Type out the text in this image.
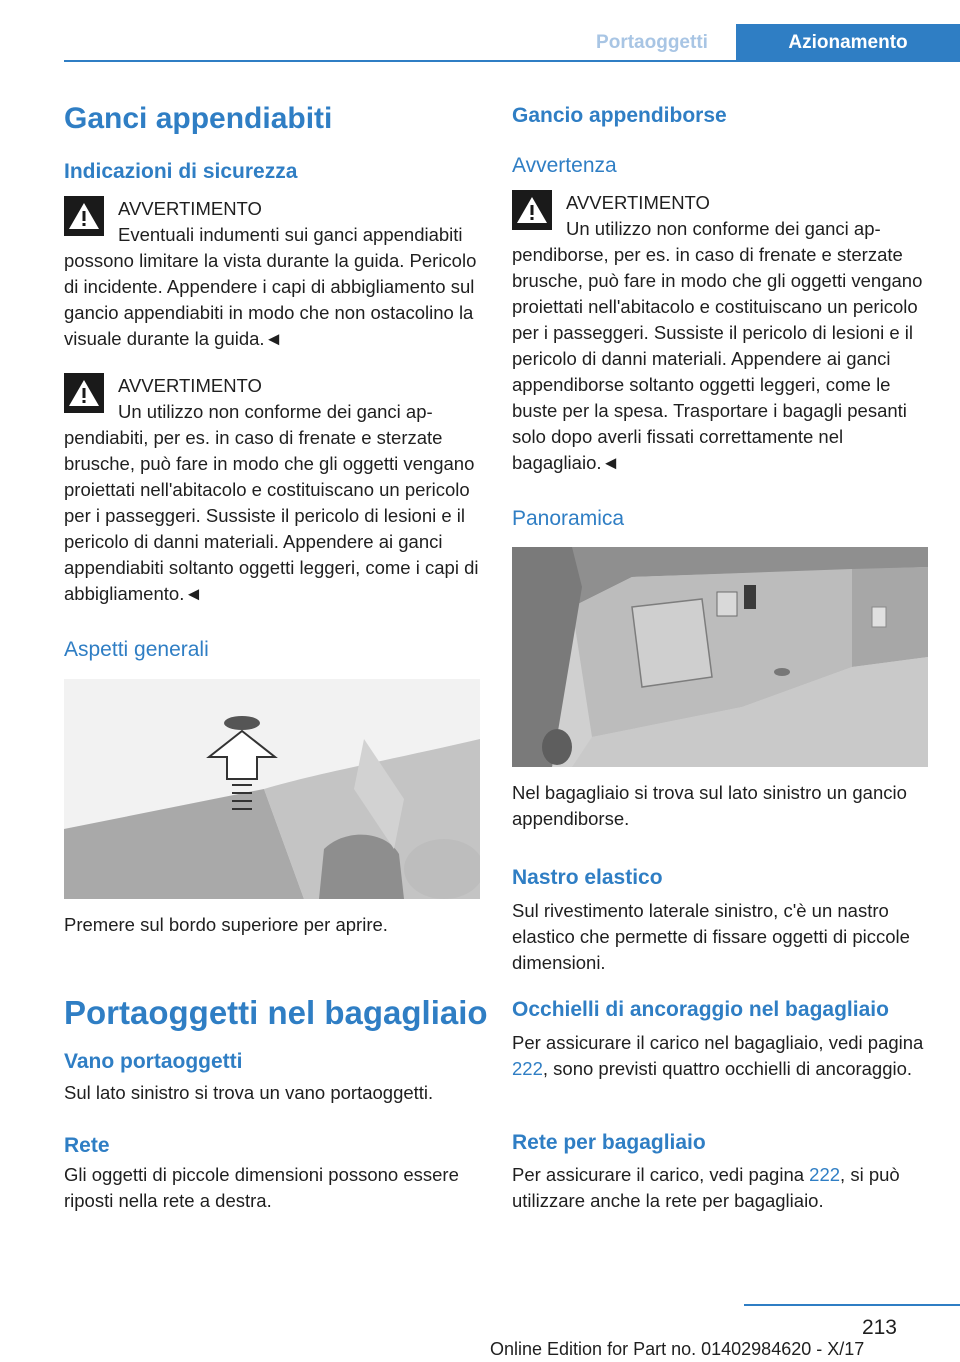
Portaoggetti	Azionamento
Ganci appendiabiti
Indicazioni di sicurezza
AVVERTIMENTO

Eventuali indumenti sui ganci appendiabiti possono limitare la vista durante la guida. Pericolo di incidente. Appendere i capi di abbigliamento sul gancio appendiabiti in modo che non ostacolino la visuale durante la guida.◄

AVVERTIMENTO

Un utilizzo non conforme dei ganci appendiabiti, per es. in caso di frenate e sterzate brusche, può fare in modo che gli oggetti vengano proiettati nell'abitacolo e costituiscano un pericolo per i passeggeri. Sussiste il pericolo di lesioni e il pericolo di danni materiali. Appendere ai ganci appendiabiti soltanto oggetti leggeri, come i capi di abbigliamento.◄

Aspetti generali

Premere sul bordo superiore per aprire.

Portaoggetti nel bagagliaio
Vano portaoggetti

Sul lato sinistro si trova un vano portaoggetti.

Rete

Gli oggetti di piccole dimensioni possono essere riposti nella rete a destra.

Gancio appendiborse
Avvertenza
AVVERTIMENTO

Un utilizzo non conforme dei ganci appendiborse, per es. in caso di frenate e sterzate brusche, può fare in modo che gli oggetti vengano proiettati nell'abitacolo e costituiscano un pericolo per i passeggeri. Sussiste il pericolo di lesioni e il pericolo di danni materiali. Appendere ai ganci appendiborse soltanto oggetti leggeri, come le buste per la spesa. Trasportare i bagagli pesanti solo dopo averli fissati correttamente nel bagagliaio.◄

Panoramica

Nel bagagliaio si trova sul lato sinistro un gancio appendiborse.

Nastro elastico

Sul rivestimento laterale sinistro, c'è un nastro elastico che permette di fissare oggetti di piccole dimensioni.

Occhielli di ancoraggio nel bagagliaio

Per assicurare il carico nel bagagliaio, vedi pagina 222, sono previsti quattro occhielli di ancoraggio.

Rete per bagagliaio

Per assicurare il carico, vedi pagina 222, si può utilizzare anche la rete per bagagliaio.

213
Online Edition for Part no. 01402984620 - X/17
